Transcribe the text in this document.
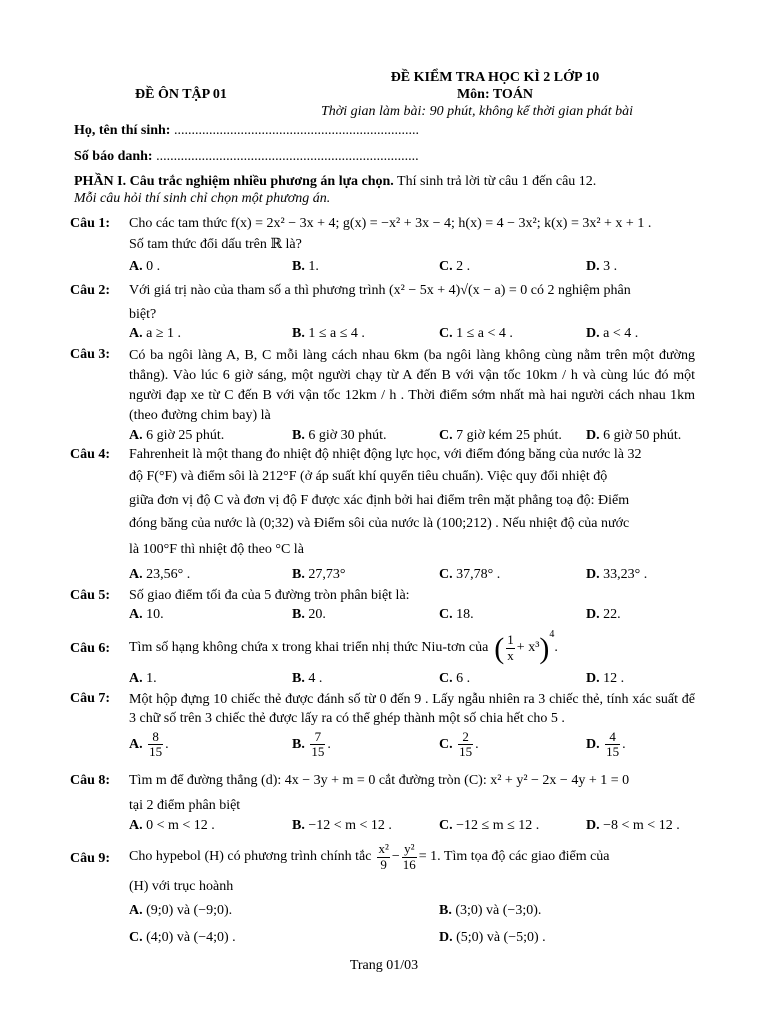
ĐỀ ÔN TẬP 01
ĐỀ KIỂM TRA HỌC KÌ 2 LỚP 10
Môn: TOÁN
Thời gian làm bài: 90 phút, không kể thời gian phát bài
Họ, tên thí sinh: ......................................................................
Số báo danh: ...........................................................................
PHẦN I. Câu trắc nghiệm nhiều phương án lựa chọn. Thí sinh trả lời từ câu 1 đến câu 12.
Mỗi câu hỏi thí sinh chỉ chọn một phương án.
Câu 1: Cho các tam thức f(x) = 2x² − 3x + 4; g(x) = −x² + 3x − 4; h(x) = 4 − 3x²; k(x) = 3x² + x + 1 .
Số tam thức đổi dấu trên ℝ là?
A. 0 .	B. 1.	C. 2 .	D. 3 .
Câu 2: Với giá trị nào của tham số a thì phương trình (x² − 5x + 4)√(x − a) = 0 có 2 nghiệm phân
biệt?
A. a ≥ 1 .	B. 1 ≤ a ≤ 4 .	C. 1 ≤ a < 4 .	D. a < 4 .
Câu 3: Có ba ngôi làng A, B, C mỗi làng cách nhau 6km (ba ngôi làng không cùng nằm trên một đường thẳng). Vào lúc 6 giờ sáng, một người chạy từ A đến B với vận tốc 10km / h và cùng lúc đó một người đạp xe từ C đến B với vận tốc 12km / h . Thời điểm sớm nhất mà hai người cách nhau 1km (theo đường chim bay) là
A. 6 giờ 25 phút.	B. 6 giờ 30 phút.	C. 7 giờ kém 25 phút. D. 6 giờ 50 phút.
Câu 4: Fahrenheit là một thang đo nhiệt độ nhiệt động lực học, với điểm đóng băng của nước là 32
độ F(°F) và điểm sôi là 212°F (ở áp suất khí quyển tiêu chuẩn). Việc quy đổi nhiệt độ
giữa đơn vị độ C và đơn vị độ F được xác định bởi hai điểm trên mặt phẳng toạ độ: Điểm
đóng băng của nước là (0;32) và Điểm sôi của nước là (100;212) . Nếu nhiệt độ của nước
là 100°F thì nhiệt độ theo °C là
A. 23,56° .	B. 27,73°	C. 37,78° .	D. 33,23° .
Câu 5: Số giao điểm tối đa của 5 đường tròn phân biệt là:
A. 10.	B. 20.	C. 18.	D. 22.
Câu 6: Tìm số hạng không chứa x trong khai triển nhị thức Niu-tơn của ( $\frac{1}{x} + x^3$ ) 4
.
A. 1.	B. 4 .	C. 6 .	D. 12 .
Câu 7: Một hộp đựng 10 chiếc thẻ được đánh số từ 0 đến 9 . Lấy ngẫu nhiên ra 3 chiếc thẻ, tính xác suất để 3 chữ số trên 3 chiếc thẻ được lấy ra có thể ghép thành một số chia hết cho 5 .
A.
$\frac{8}{15}$ .	B.
$\frac{7}{15}$ .	C.
$\frac{2}{15}$ .	D.
$\frac{4}{15}$ .
Câu 8: Tìm m để đường thẳng (d): 4x − 3y + m = 0 cắt đường tròn (C): x² + y² − 2x − 4y + 1 = 0
tại 2 điểm phân biệt
A. 0 < m < 12 .	B. −12 < m < 12 .	C. −12 ≤ m ≤ 12 .	D. −8 < m < 12 .
Câu 9: Cho hypebol (H) có phương trình chính tắc $\frac{\text{x²}}{9} - \frac{\text{y²}}{16} = 1$ . Tìm tọa độ các giao điểm của
(H) với trục hoành
A. (9;0) và (−9;0).	B. (3;0) và (−3;0).
C. (4;0) và (−4;0) .	D. (5;0) và (−5;0) .
Trang 01/03
